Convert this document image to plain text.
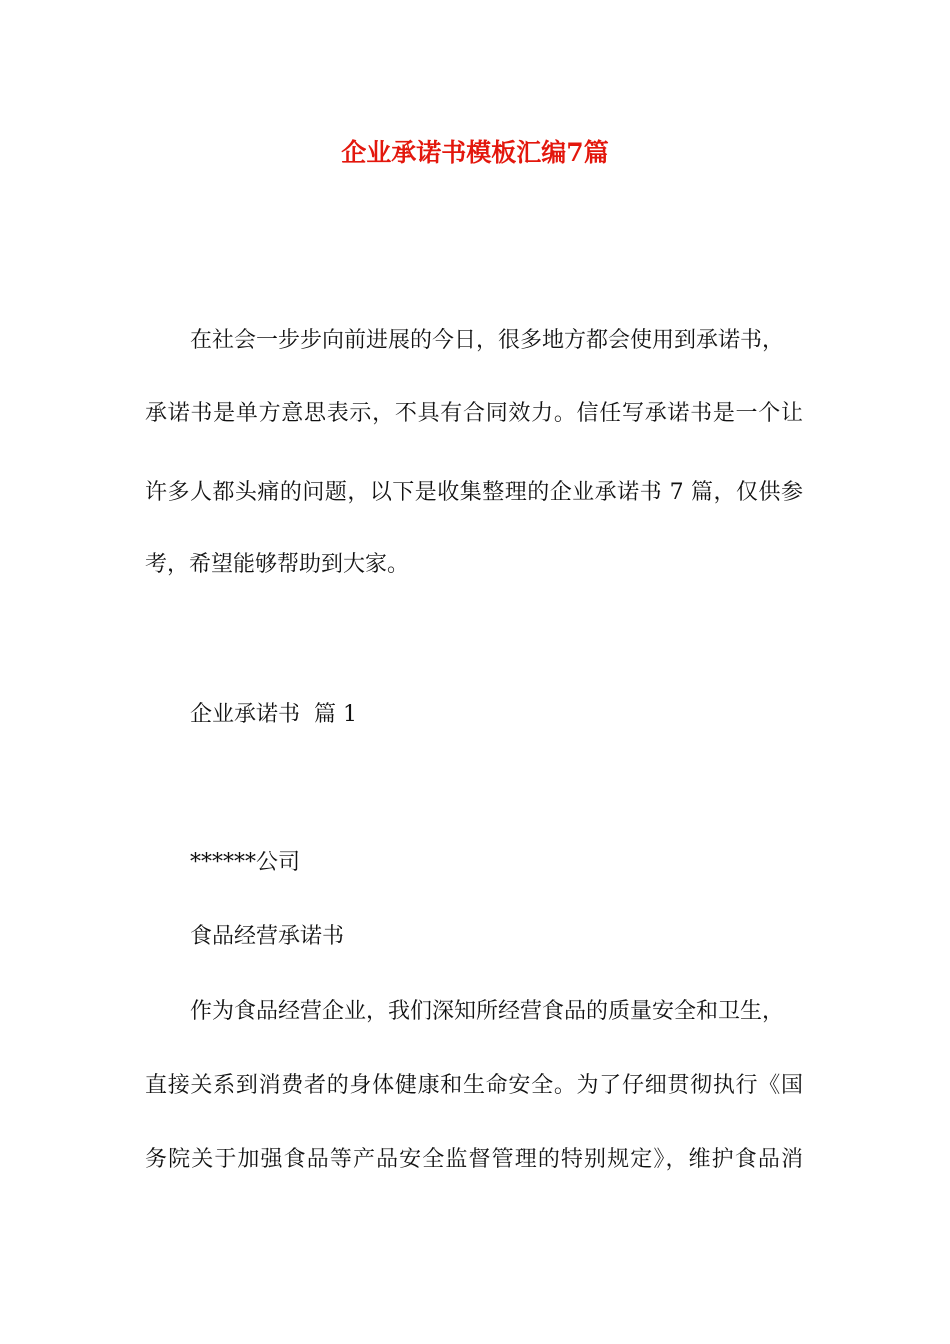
企业承诺书模板汇编7篇
在社会一步步向前进展的今日，很多地方都会使用到承诺书，
承诺书是单方意思表示，不具有合同效力。信任写承诺书是一个让
许多人都头痛的问题，以下是收集整理的企业承诺书 7 篇，仅供参
考，希望能够帮助到大家。
企业承诺书  篇 1
******公司
食品经营承诺书
作为食品经营企业，我们深知所经营食品的质量安全和卫生，
直接关系到消费者的身体健康和生命安全。为了仔细贯彻执行《国
务院关于加强食品等产品安全监督管理的特别规定》，维护食品消
